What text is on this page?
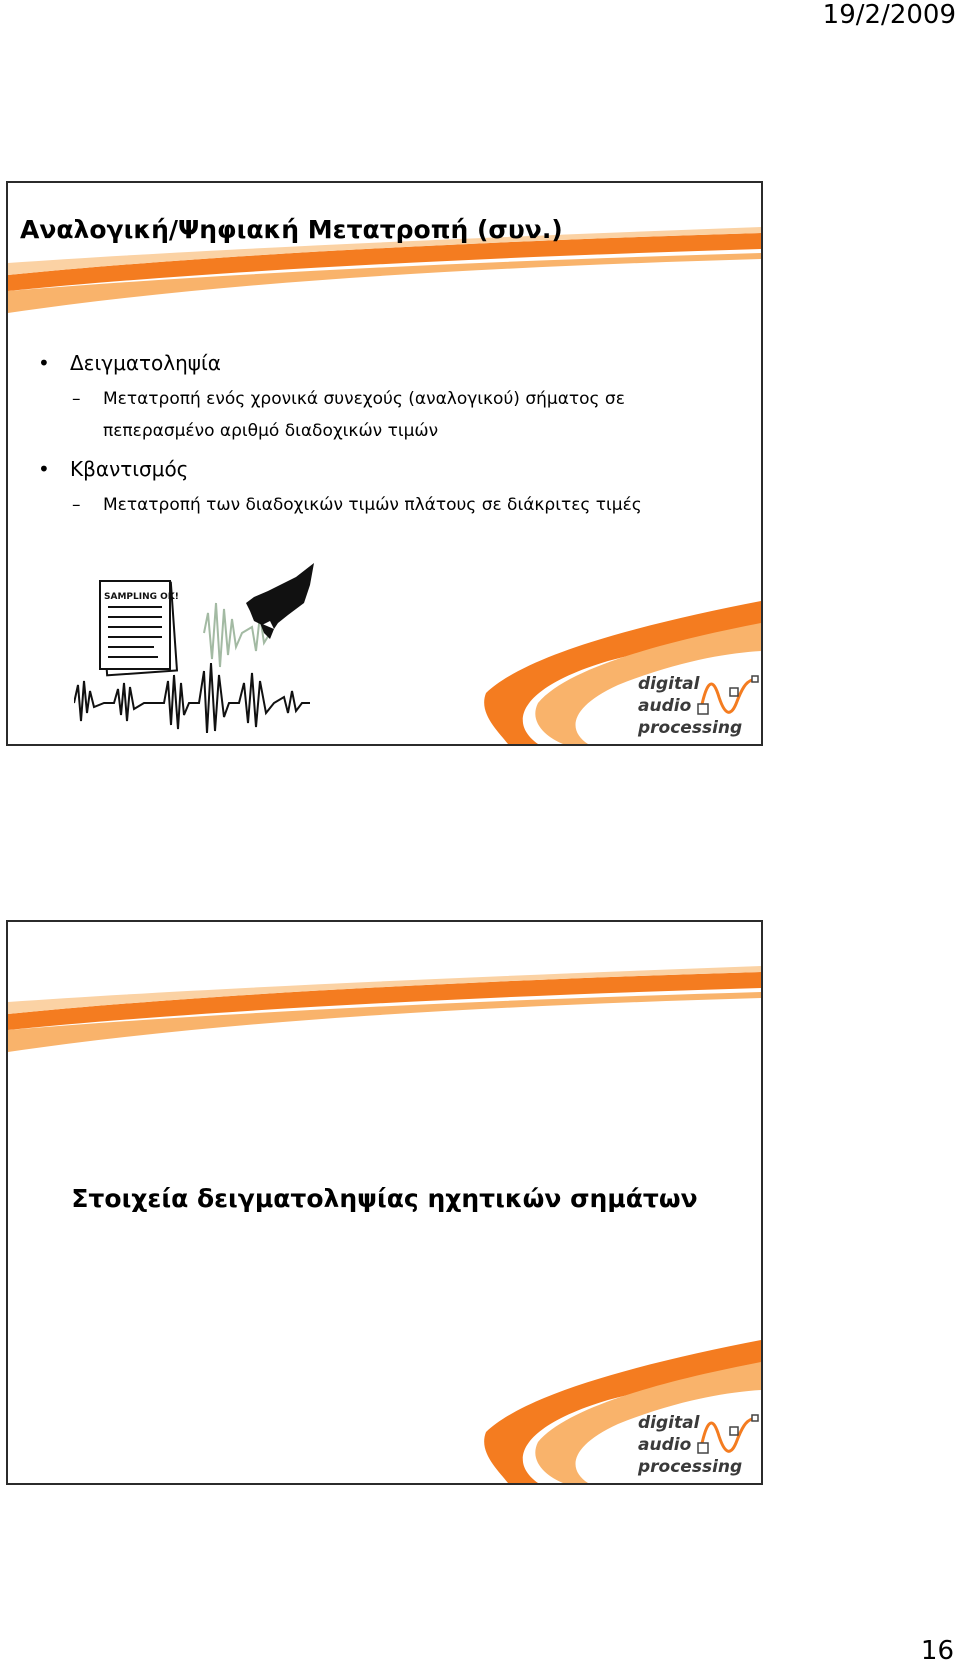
19/2/2009
Αναλογική/Ψηφιακή Μετατροπή (συν.)
• Δειγματοληψία
– Μετατροπή ενός χρονικά συνεχούς (αναλογικού) σήματος σε πεπερασμένο αριθμό διαδοχικών τιμών
• Κβαντισμός
– Μετατροπή των διαδοχικών τιμών πλάτους σε διάκριτες τιμές
SAMPLING OK!
digital
audio
processing
Στοιχεία δειγματοληψίας ηχητικών σημάτων
digital
audio
processing
16
